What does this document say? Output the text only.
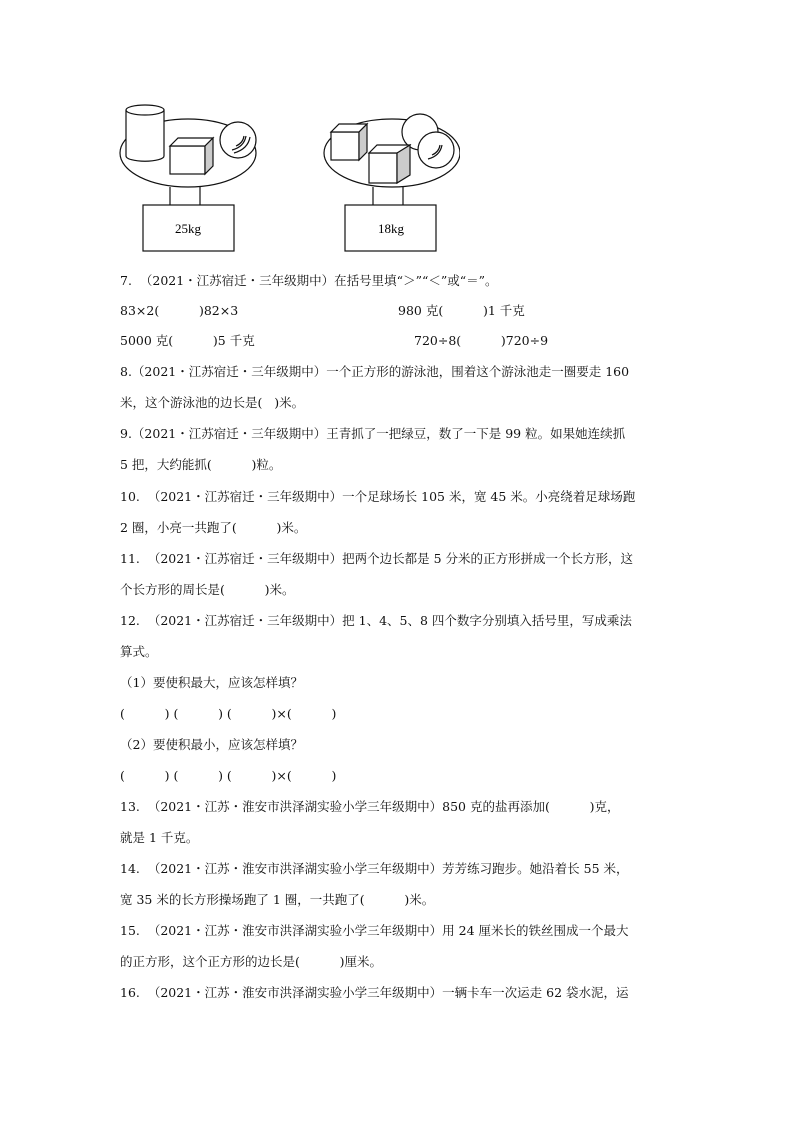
25kg	18kg
7.  （2021・江苏宿迁・三年级期中）在括号里填“＞”“＜”或“＝”。
83×2(          )82×3	980 克(          )1 千克
5000 克(          )5 千克	720÷8(          )720÷9
8.（2021・江苏宿迁・三年级期中）一个正方形的游泳池，围着这个游泳池走一圈要走 160
米，这个游泳池的边长是(   )米。
9.（2021・江苏宿迁・三年级期中）王青抓了一把绿豆，数了一下是 99 粒。如果她连续抓
5 把，大约能抓(          )粒。
10.  （2021・江苏宿迁・三年级期中）一个足球场长 105 米，宽 45 米。小亮绕着足球场跑
2 圈，小亮一共跑了(          )米。
11.  （2021・江苏宿迁・三年级期中）把两个边长都是 5 分米的正方形拼成一个长方形，这
个长方形的周长是(          )米。
12.  （2021・江苏宿迁・三年级期中）把 1、4、5、8 四个数字分别填入括号里，写成乘法
算式。
（1）要使积最大，应该怎样填？
(          ) (          ) (          )×(          )
（2）要使积最小，应该怎样填？
(          ) (          ) (          )×(          )
13.  （2021・江苏・淮安市洪泽湖实验小学三年级期中）850 克的盐再添加(          )克，
就是 1 千克。
14.  （2021・江苏・淮安市洪泽湖实验小学三年级期中）芳芳练习跑步。她沿着长 55 米，
宽 35 米的长方形操场跑了 1 圈，一共跑了(          )米。
15.  （2021・江苏・淮安市洪泽湖实验小学三年级期中）用 24 厘米长的铁丝围成一个最大
的正方形，这个正方形的边长是(          )厘米。
16.  （2021・江苏・淮安市洪泽湖实验小学三年级期中）一辆卡车一次运走 62 袋水泥，运
